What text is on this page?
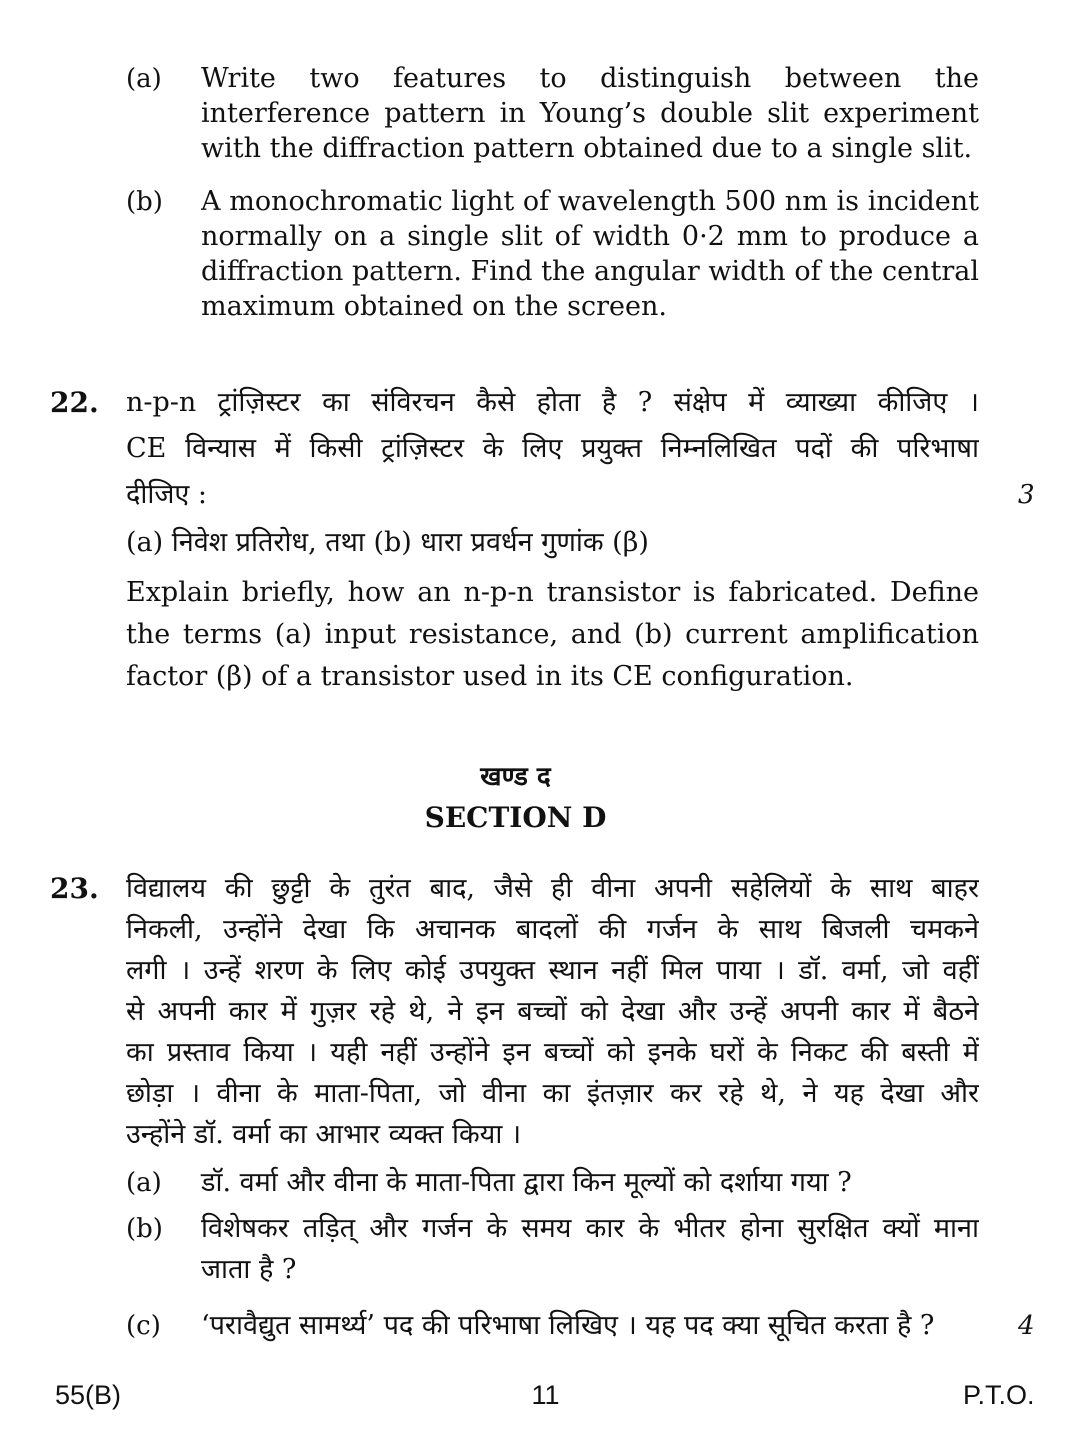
(a) Write two features to distinguish between the
interference pattern in Young’s double slit experiment
with the diffraction pattern obtained due to a single slit.
(b) A monochromatic light of wavelength 500 nm is incident
normally on a single slit of width 0·2 mm to produce a
diffraction pattern. Find the angular width of the central
maximum obtained on the screen.
22. n-p-n ट्रांज़िस्टर का संविरचन कैसे होता है ? संक्षेप में व्याख्या कीजिए ।
CE विन्यास में किसी ट्रांज़िस्टर के लिए प्रयुक्त निम्नलिखित पदों की परिभाषा
दीजिए :	3
(a) निवेश प्रतिरोध, तथा (b) धारा प्रवर्धन गुणांक (β)
Explain briefly, how an n-p-n transistor is fabricated. Define
the terms (a) input resistance, and (b) current amplification
factor (β) of a transistor used in its CE configuration.
खण्ड द
SECTION D
23. विद्यालय की छुट्टी के तुरंत बाद, जैसे ही वीना अपनी सहेलियों के साथ बाहर
निकली, उन्होंने देखा कि अचानक बादलों की गर्जन के साथ बिजली चमकने
लगी । उन्हें शरण के लिए कोई उपयुक्त स्थान नहीं मिल पाया । डॉ. वर्मा, जो वहीं
से अपनी कार में गुज़र रहे थे, ने इन बच्चों को देखा और उन्हें अपनी कार में बैठने
का प्रस्ताव किया । यही नहीं उन्होंने इन बच्चों को इनके घरों के निकट की बस्ती में
छोड़ा । वीना के माता-पिता, जो वीना का इंतज़ार कर रहे थे, ने यह देखा और
उन्होंने डॉ. वर्मा का आभार व्यक्त किया ।
(a) डॉ. वर्मा और वीना के माता-पिता द्वारा किन मूल्यों को दर्शाया गया ?
(b) विशेषकर तड़ित् और गर्जन के समय कार के भीतर होना सुरक्षित क्यों माना
जाता है ?
(c) ‘परावैद्युत सामर्थ्य’ पद की परिभाषा लिखिए । यह पद क्या सूचित करता है ?	4
55(B)	11	P.T.O.
